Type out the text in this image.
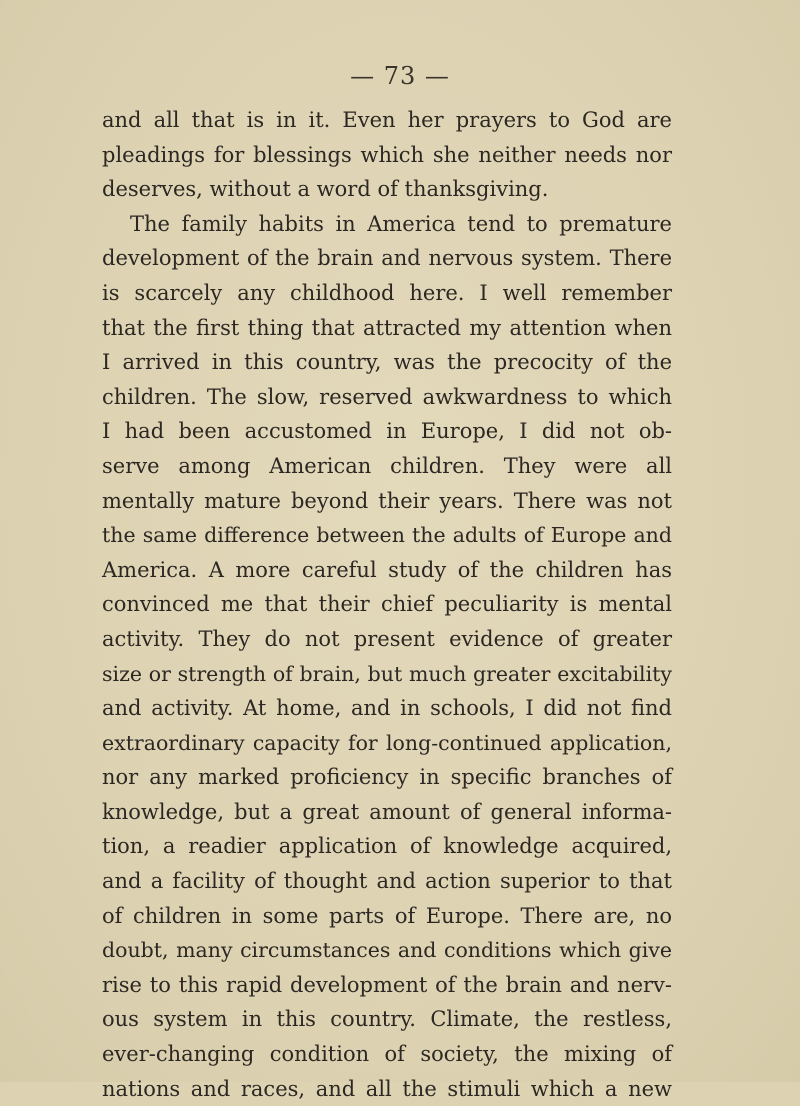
— 73 —
and all that is in it. Even her prayers to God are
pleadings for blessings which she neither needs nor
deserves, without a word of thanksgiving.
The family habits in America tend to premature
development of the brain and nervous system. There
is scarcely any childhood here. I well remember
that the first thing that attracted my attention when
I arrived in this country, was the precocity of the
children. The slow, reserved awkwardness to which
I had been accustomed in Europe, I did not ob-
serve among American children. They were all
mentally mature beyond their years. There was not
the same difference between the adults of Europe and
America. A more careful study of the children has
convinced me that their chief peculiarity is mental
activity. They do not present evidence of greater
size or strength of brain, but much greater excitability
and activity. At home, and in schools, I did not find
extraordinary capacity for long-continued application,
nor any marked proficiency in specific branches of
knowledge, but a great amount of general informa-
tion, a readier application of knowledge acquired,
and a facility of thought and action superior to that
of children in some parts of Europe. There are, no
doubt, many circumstances and conditions which give
rise to this rapid development of the brain and nerv-
ous system in this country. Climate, the restless,
ever-changing condition of society, the mixing of
nations and races, and all the stimuli which a new
